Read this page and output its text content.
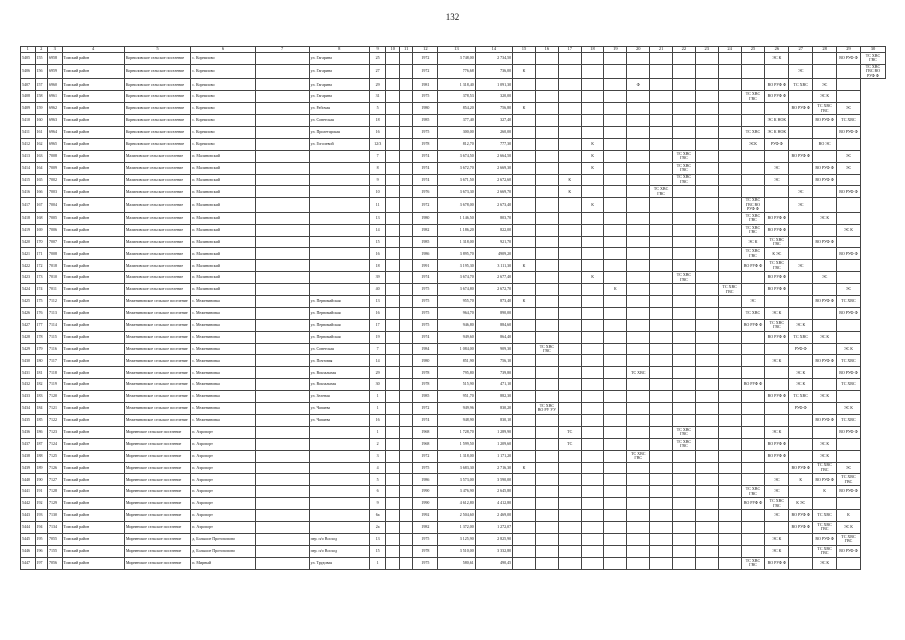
132
1	2	3	4	5	6	7	8	9	10	11	12	13	14	15	16	17	18	19	20	21	22	23	24	25	26	27	28	29	30
5405	155	6958	Томский район	Корниловское сельское поселение	с. Корнилово		ул. Гагарина	25			1972	3 748,00	2 734,50												ЭС К			ВО РУФ Ф	ТС ХВС ГВС
5406	156	6959	Томский район	Корниловское сельское поселение	с. Корнилово		ул. Гагарина	27			1972	776,68	736,00	К												ЭС			ТС ХВС ГВС ВО РУФ Ф
5407	157	6960	Томский район	Корниловское сельское поселение	с. Корнилово		ул. Гагарина	29			1981	1 318,40	1 091,30						Ф						ВО РУФ Ф	ТС ХВС	ЭС		
5408	158	6961	Томский район	Корниловское сельское поселение	с. Корнилово		ул. Гагарина	31			1975	378,53	320,00											ТС ХВС ГВС	ВО РУФ Ф		ЭС К		
5409	159	6962	Томский район	Корниловское сельское поселение	с. Корнилово		ул. Рабочая	5			1980	854,20	756,80	К												ВО РУФ Ф	ТС ХВС ГВС	ЭС	
5410	160	6963	Томский район	Корниловское сельское поселение	с. Корнилово		ул. Советская	18			1985	377,40	327,40												ЭС К НОК		ВО РУФ Ф	ТС ХВС	
5411	161	6964	Томский район	Корниловское сельское поселение	с. Корнилово		ул. Пролетарская	16			1975	300,00	260,00											ТС ХВС	ЭС К НОК			ВО РУФ Ф	
5412	162	6965	Томский район	Корниловское сельское поселение	с. Корнилово		ул. Гоголевой	12/3			1978	812,70	777,30				К							ЭСК	РУФ Ф		ВО ЭС		
5413	163	7008	Томский район	Малиновское сельское поселение	п. Малиновский			7			1974	3 674,50	2 664,50				К				ТС ХВС ГВС					ВО РУФ Ф		ЭС	
5414	164	7009	Томский район	Малиновское сельское поселение	п. Малиновский			8			1974	3 672,70	2 669,30				К				ТС ХВС ГВС				ЭС		ВО РУФ Ф	ЭС	
5415	165	7002	Томский район	Малиновское сельское поселение	п. Малиновский			9			1974	3 671,50	2 672,60			К					ТС ХВС ГВС				ЭС		ВО РУФ Ф		
5416	166	7003	Томский район	Малиновское сельское поселение	п. Малиновский			10			1976	3 673,30	2 669,70			К				ТС ХВС ГВС						ЭС		ВО РУФ Ф	
5417	167	7004	Томский район	Малиновское сельское поселение	п. Малиновский			11			1972	3 678,00	2 673,40				К							ТС ХВС ГВС ВО РУФ Ф		ЭС			
5418	168	7005	Томский район	Малиновское сельское поселение	п. Малиновский			13			1980	1 146,50	803,70											ТС ХВС ГВС	ВО РУФ Ф		ЭС К		
5419	169	7006	Томский район	Малиновское сельское поселение	п. Малиновский			14			1982	1 186,20	822,00											ТС ХВС ГВС	ВО РУФ Ф			ЭС К	
5420	170	7007	Томский район	Малиновское сельское поселение	п. Малиновский			15			1985	1 318,00	921,70											ЭС К	ТС ХВС ГВС		ВО РУФ Ф		
5421	171	7008	Томский район	Малиновское сельское поселение	п. Малиновский			16			1986	3 895,70	4909,20											ТС ХВС ГВС	К ЭС			ВО РУФ Ф	
5422	172	7018	Томский район	Малиновское сельское поселение	п. Малиновский			18			1991	3 195,30	3 111,30	К										ВО РУФ Ф	ТС ХВС ГВС	ЭС			
5423	173	7010	Томский район	Малиновское сельское поселение	п. Малиновский			39			1974	3 674,70	2 677,40				К				ТС ХВС ГВС				ВО РУФ Ф		ЭС		
5424	174	7011	Томский район	Малиновское сельское поселение	п. Малиновский			40			1975	3 674,80	2 672,70					К					ТС ХВС ГВС		ВО РУФ Ф			ЭС	
5425	175	7112	Томский район	Межениновское сельское поселение	с. Межениновка		ул. Первомайская	13			1975	955,70	873,40	К										ЭС			ВО РУФ Ф	ТС ХВС	
5426	176	7113	Томский район	Межениновское сельское поселение	с. Межениновка		ул. Первомайская	16			1975	964,70	890,00											ТС ХВС	ЭС К			ВО РУФ Ф	
5427	177	7114	Томский район	Межениновское сельское поселение	с. Межениновка		ул. Первомайская	17			1975	946,80	884,60											ВО РУФ Ф	ТС ХВС ГВС	ЭС К			
5428	178	7115	Томский район	Межениновское сельское поселение	с. Межениновка		ул. Первомайская	19			1974	949,60	864,40												ВО РУФ Ф	ТС ХВС	ЭС К		
5429	179	7116	Томский район	Межениновское сельское поселение	с. Межениновка		ул. Советская	7			1984	1 084,00	909,30		ТС ХВС ГВС											РУФ Ф		ЭС К	
5430	180	7117	Томский район	Межениновское сельское поселение	с. Межениновка		ул. Почтовая	14			1980	851,90	756,10												ЭС К		ВО РУФ Ф	ТС ХВС	
5431	181	7118	Томский район	Межениновское сельское поселение	с. Межениновка		ул. Вокзальная	29			1978	795,80	739,80						ТС ХВС							ЭС К		ВО РУФ Ф	
5432	182	7119	Томский район	Межениновское сельское поселение	с. Межениновка		ул. Вокзальная	30			1978	515,90	471,10											ВО РУФ Ф		ЭС К		ТС ХВС	
5433	183	7120	Томский район	Межениновское сельское поселение	с. Межениновка		ул. Зеленая	1			1985	951,70	882,30												ВО РУФ Ф	ТС ХВС	ЭС К		
5434	184	7121	Томский район	Межениновское сельское поселение	с. Межениновка		ул. Чапаева	1			1972	949,96	830,20		ТС ХВС ВО РУ УУ											РУФ Ф		ЭС К	
5435	185	7122	Томский район	Межениновское сельское поселение	с. Межениновка		ул. Чапаева	16			1974	948,90	830,10														ВО РУФ Ф	ТС ХВС	
5436	186	7123	Томский район	Мирненское сельское поселение	п. Аэропорт			1			1968	1 728,70	1 289,90			ТС					ТС ХВС ГВС				ЭС К			ВО РУФ Ф	
5437	187	7124	Томский район	Мирненское сельское поселение	п. Аэропорт			2			1968	1 599,50	1 209,60			ТС					ТС ХВС ГВС				ВО РУФ Ф		ЭС К		
5438	188	7125	Томский район	Мирненское сельское поселение	п. Аэропорт			3			1972	1 318,00	1 171,20						ТС ХВС ГВС						ВО РУФ Ф		ЭС К		
5439	189	7126	Томский район	Мирненское сельское поселение	п. Аэропорт			4			1975	3 683,30	2 716,30	К												ВО РУФ Ф	ТС ХВС ГВС	ЭС	
5440	190	7127	Томский район	Мирненское сельское поселение	п. Аэропорт			5			1986	3 573,00	3 590,00												ЭС	К	ВО РУФ Ф	ТС ХВС ГВС	
5441	191	7128	Томский район	Мирненское сельское поселение	п. Аэропорт			6			1990	3 476,90	2 645,80											ТС ХВС ГВС	ЭС		К	ВО РУФ Ф	
5442	192	7129	Томский район	Мирненское сельское поселение	п. Аэропорт			9			1990	4 612,80	4 412,80											ВО РУФ Ф	ТС ХВС ГВС	К ЭС			
5443	193	7130	Томский район	Мирненское сельское поселение	п. Аэропорт			6а			1992	2 504,60	2 469,00												ЭС	ВО РУФ Ф	ТС ХВС	К	
5444	194	7134	Томский район	Мирненское сельское поселение	п. Аэропорт			2а			1982	1 372,00	1 272,07													ВО РУФ Ф	ТС ХВС ГВС	ЭС К	
5445	195	7055	Томский район	Мирненское сельское поселение	д. Большое Протопопово		пер. п/о Восход	13			1975	3 125,90	2 825,90												ЭС К		ВО РУФ Ф	ТС ХВС ГВС	
5446	196	7155	Томский район	Мирненское сельское поселение	д. Большое Протопопово		пер. п/о Восход	15			1978	3 510,00	3 332,80												ЭС К		ТС ХВС ГВС	ВО РУФ Ф	
5447	197	7056	Томский район	Мирненское сельское поселение	п. Мирный		ул. Трудовая	1			1975	580,61	490,45											ТС ХВС ГВС	ВО РУФ Ф		ЭС К		
